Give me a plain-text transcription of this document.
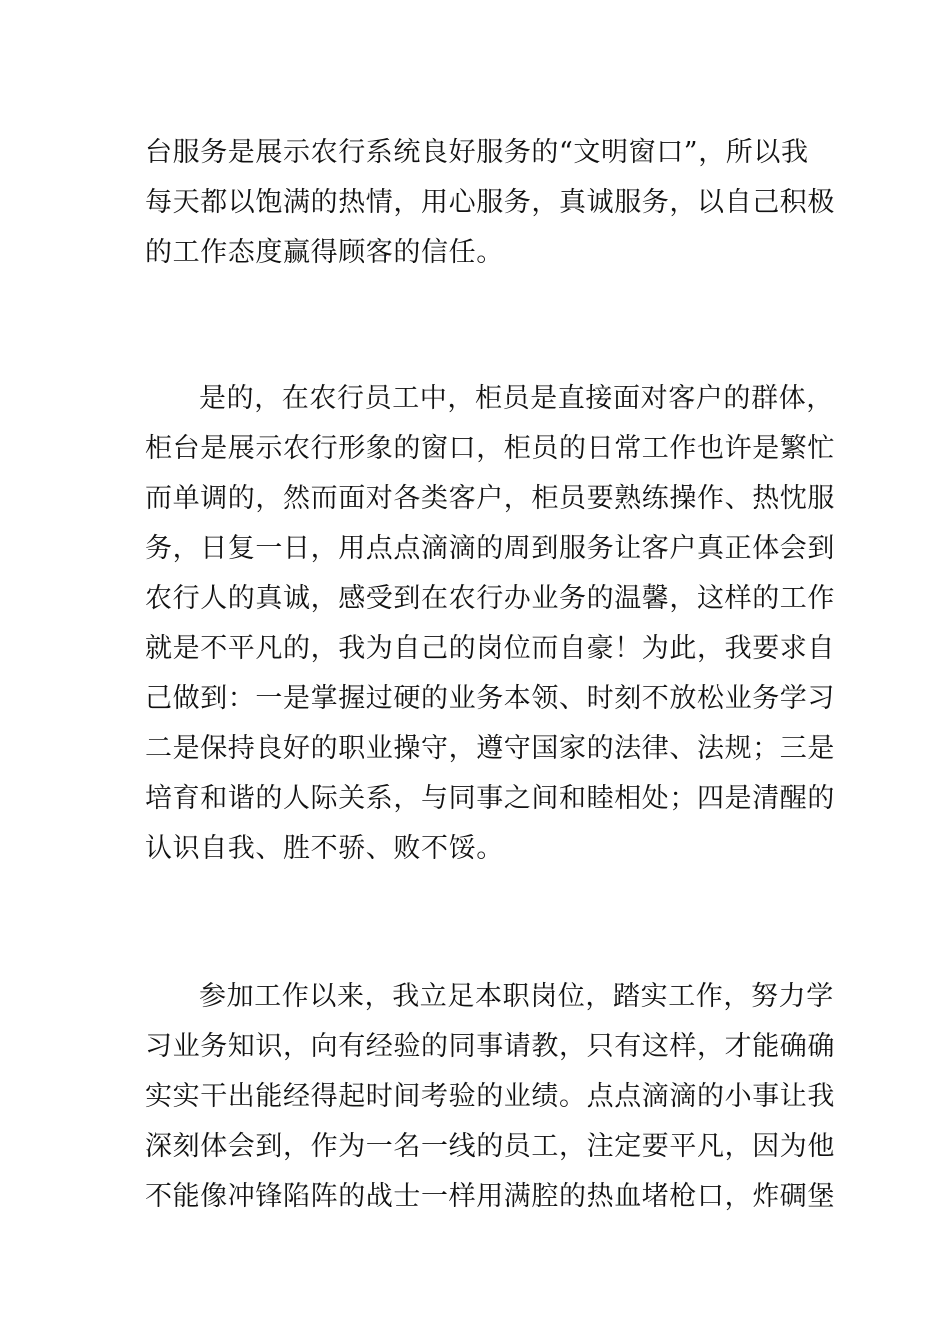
台服务是展示农行系统良好服务的“文明窗口”，所以我
每天都以饱满的热情，用心服务，真诚服务，以自己积极
的工作态度赢得顾客的信任。
是的，在农行员工中，柜员是直接面对客户的群体，
柜台是展示农行形象的窗口，柜员的日常工作也许是繁忙
而单调的，然而面对各类客户，柜员要熟练操作、热忱服
务，日复一日，用点点滴滴的周到服务让客户真正体会到
农行人的真诚，感受到在农行办业务的温馨，这样的工作
就是不平凡的，我为自己的岗位而自豪！为此，我要求自
己做到：一是掌握过硬的业务本领、时刻不放松业务学习
二是保持良好的职业操守，遵守国家的法律、法规；三是
培育和谐的人际关系，与同事之间和睦相处；四是清醒的
认识自我、胜不骄、败不馁。
参加工作以来，我立足本职岗位，踏实工作，努力学
习业务知识，向有经验的同事请教，只有这样，才能确确
实实干出能经得起时间考验的业绩。点点滴滴的小事让我
深刻体会到，作为一名一线的员工，注定要平凡，因为他
不能像冲锋陷阵的战士一样用满腔的热血堵枪口，炸碉堡
